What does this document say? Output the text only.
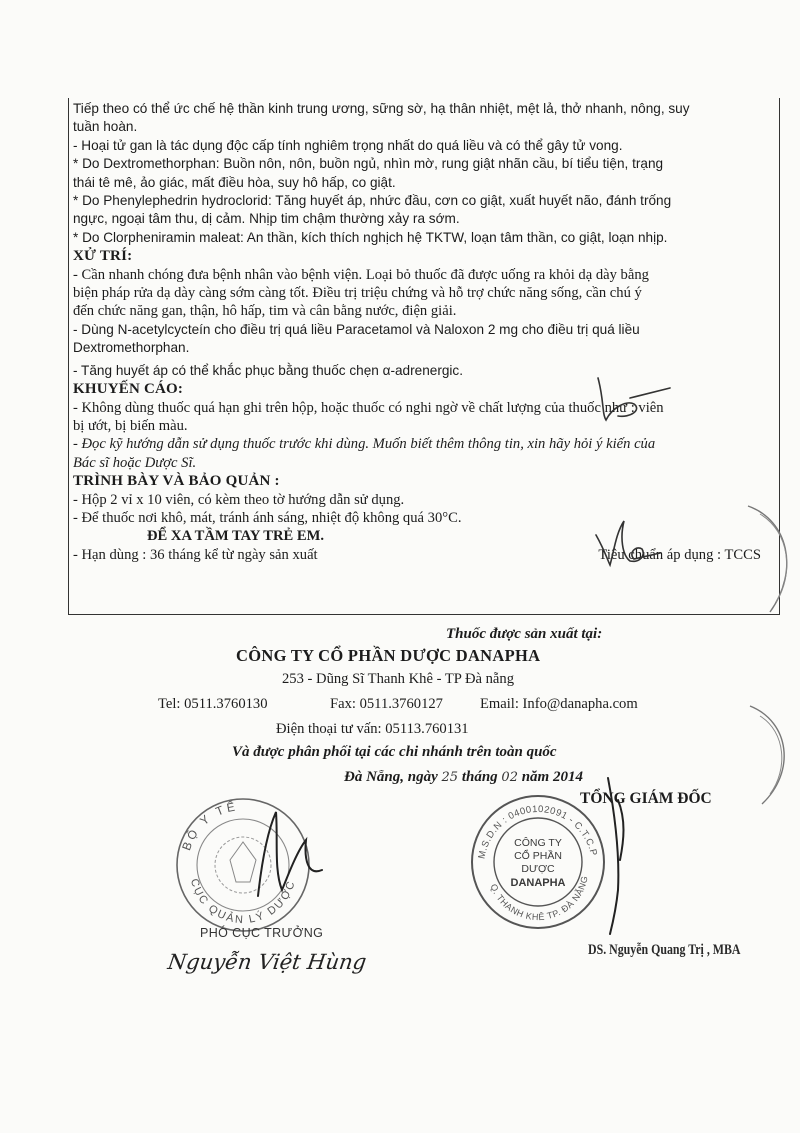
Tiếp theo có thể ức chế hệ thần kinh trung ương, sững sờ, hạ thân nhiệt, mệt lả, thở nhanh, nông, suy

tuần hoàn.

- Hoại tử gan là tác dụng độc cấp tính nghiêm trọng nhất do quá liều và có thể gây tử vong.

* Do Dextromethorphan: Buồn nôn, nôn, buồn ngủ, nhìn mờ, rung giật nhãn cầu, bí tiểu tiện, trạng

thái tê mê, ảo giác, mất điều hòa, suy hô hấp, co giật.

* Do Phenylephedrin hydroclorid: Tăng huyết áp, nhức đầu, cơn co giật, xuất huyết não, đánh trống

ngực, ngoại tâm thu, dị cảm. Nhịp tim chậm thường xảy ra sớm.

* Do Clorpheniramin maleat: An thần, kích thích nghịch hệ TKTW, loạn tâm thần, co giật, loạn nhịp.

XỬ TRÍ:

- Cần nhanh chóng đưa bệnh nhân vào bệnh viện. Loại bỏ thuốc đã được uống ra khỏi dạ dày bằng

biện pháp rửa dạ dày càng sớm càng tốt. Điều trị triệu chứng và hỗ trợ chức năng sống, cần chú ý

đến chức năng gan, thận, hô hấp, tim và cân bằng nước, điện giải.

- Dùng N-acetylcycteín cho điều trị quá liều Paracetamol và Naloxon 2 mg cho điều trị quá liều

Dextromethorphan.

- Tăng huyết áp có thể khắc phục bằng thuốc chẹn α-adrenergic.

KHUYẾN CÁO:

- Không dùng thuốc quá hạn ghi trên hộp, hoặc thuốc có nghi ngờ về chất lượng của thuốc như : viên

bị ướt, bị biến màu.

- Đọc kỹ hướng dẫn sử dụng thuốc trước khi dùng. Muốn biết thêm thông tin, xin hãy hỏi ý kiến của

Bác sĩ hoặc Dược Sĩ.

TRÌNH BÀY VÀ BẢO QUẢN :

- Hộp 2 vỉ x 10 viên, có kèm theo tờ hướng dẫn sử dụng.

- Để thuốc nơi khô, mát, tránh ánh sáng, nhiệt độ không quá 30°C.

ĐỂ XA TẦM TAY TRẺ EM.

- Hạn dùng : 36 tháng kể từ ngày sản xuất	Tiêu chuẩn áp dụng : TCCS
Thuốc được sản xuất tại:
CÔNG TY CỔ PHẦN DƯỢC DANAPHA
253 - Dũng Sĩ Thanh Khê - TP Đà nẵng
Tel: 0511.3760130	Fax: 0511.3760127	Email: Info@danapha.com
Điện thoại tư vấn: 05113.760131
Và được phân phối tại các chi nhánh trên toàn quốc
Đà Nẵng, ngày 25 tháng 02 năm 2014
TỔNG GIÁM ĐỐC
BỘ Y TẾ
CỤC QUẢN LÝ DƯỢC
PHÓ CỤC TRƯỞNG
Nguyễn Việt Hùng
M.S.D.N : 0400102091 - C.T.C.P
Q. THANH KHÊ TP. ĐÀ NẴNG
CÔNG TY
CỔ PHẦN
DƯỢC
DANAPHA
DS. Nguyễn Quang Trị , MBA
